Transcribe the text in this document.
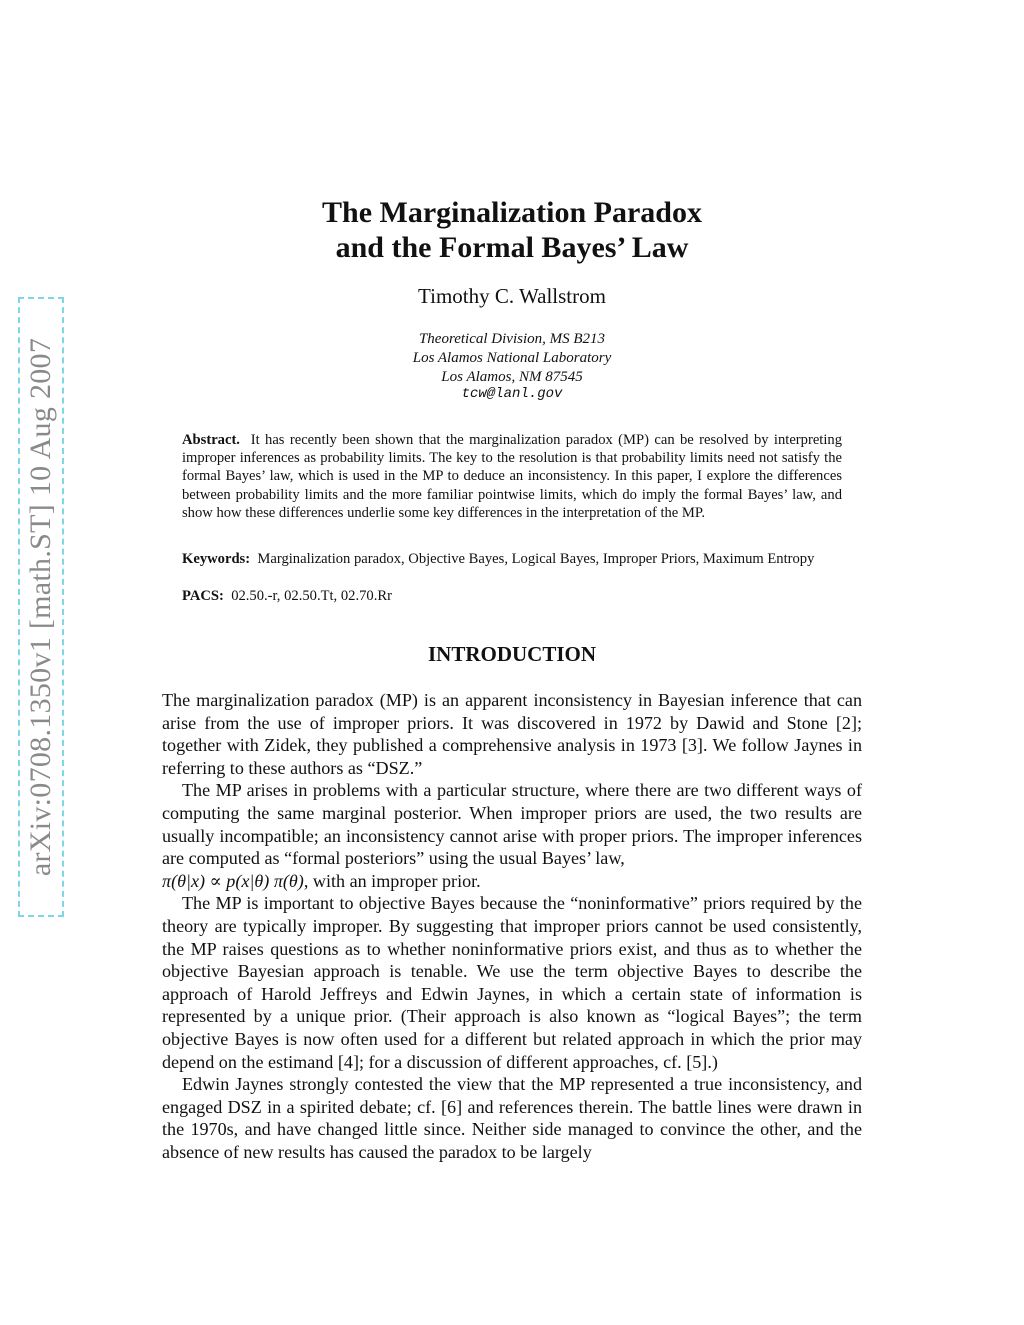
arXiv:0708.1350v1 [math.ST] 10 Aug 2007
The Marginalization Paradox
and the Formal Bayes’ Law
Timothy C. Wallstrom
Theoretical Division, MS B213
Los Alamos National Laboratory
Los Alamos, NM 87545
tcw@lanl.gov
Abstract. It has recently been shown that the marginalization paradox (MP) can be resolved by interpreting improper inferences as probability limits. The key to the resolution is that probability limits need not satisfy the formal Bayes’ law, which is used in the MP to deduce an inconsistency. In this paper, I explore the differences between probability limits and the more familiar pointwise limits, which do imply the formal Bayes’ law, and show how these differences underlie some key differences in the interpretation of the MP.
Keywords: Marginalization paradox, Objective Bayes, Logical Bayes, Improper Priors, Maximum Entropy
PACS: 02.50.-r, 02.50.Tt, 02.70.Rr
INTRODUCTION

The marginalization paradox (MP) is an apparent inconsistency in Bayesian inference that can arise from the use of improper priors. It was discovered in 1972 by Dawid and Stone [2]; together with Zidek, they published a comprehensive analysis in 1973 [3]. We follow Jaynes in referring to these authors as “DSZ.”

The MP arises in problems with a particular structure, where there are two different ways of computing the same marginal posterior. When improper priors are used, the two results are usually incompatible; an inconsistency cannot arise with proper priors. The improper inferences are computed as “formal posteriors” using the usual Bayes’ law,
π(θ|x) ∝ p(x|θ) π(θ), with an improper prior.

The MP is important to objective Bayes because the “noninformative” priors required by the theory are typically improper. By suggesting that improper priors cannot be used consistently, the MP raises questions as to whether noninformative priors exist, and thus as to whether the objective Bayesian approach is tenable. We use the term objective Bayes to describe the approach of Harold Jeffreys and Edwin Jaynes, in which a certain state of information is represented by a unique prior. (Their approach is also known as “logical Bayes”; the term objective Bayes is now often used for a different but related approach in which the prior may depend on the estimand [4]; for a discussion of different approaches, cf. [5].)

Edwin Jaynes strongly contested the view that the MP represented a true inconsistency, and engaged DSZ in a spirited debate; cf. [6] and references therein. The battle lines were drawn in the 1970s, and have changed little since. Neither side managed to convince the other, and the absence of new results has caused the paradox to be largely
